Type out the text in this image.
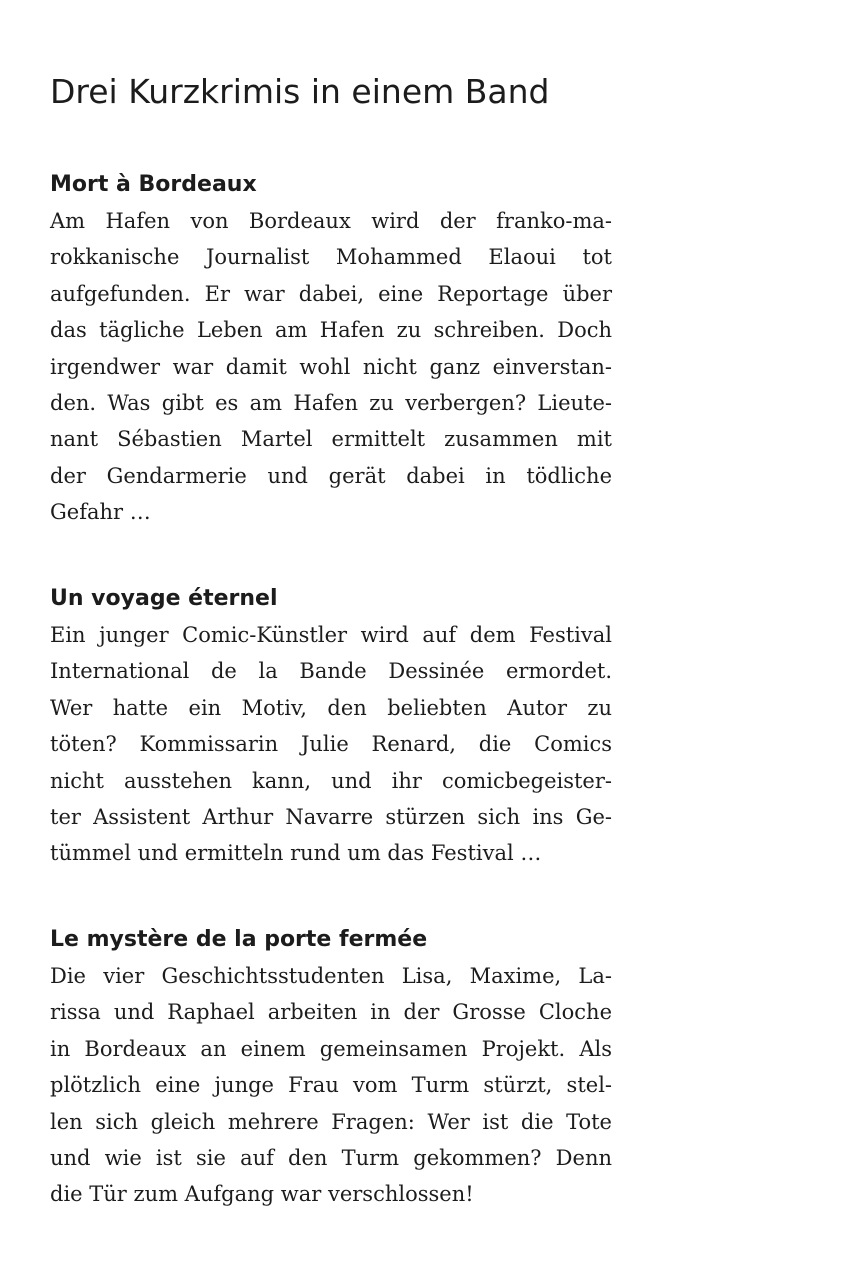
Drei Kurzkrimis in einem Band
Mort à Bordeaux
Am Hafen von Bordeaux wird der franko-ma-
rokkanische Journalist Mohammed Elaoui tot
aufgefunden. Er war dabei, eine Reportage über
das tägliche Leben am Hafen zu schreiben. Doch
irgendwer war damit wohl nicht ganz einverstan-
den. Was gibt es am Hafen zu verbergen? Lieute-
nant Sébastien Martel ermittelt zusammen mit
der Gendarmerie und gerät dabei in tödliche
Gefahr …
Un voyage éternel
Ein junger Comic-Künstler wird auf dem Festival
International de la Bande Dessinée ermordet.
Wer hatte ein Motiv, den beliebten Autor zu
töten? Kommissarin Julie Renard, die Comics
nicht ausstehen kann, und ihr comicbegeister-
ter Assistent Arthur Navarre stürzen sich ins Ge-
tümmel und ermitteln rund um das Festival …
Le mystère de la porte fermée
Die vier Geschichtsstudenten Lisa, Maxime, La-
rissa und Raphael arbeiten in der Grosse Cloche
in Bordeaux an einem gemeinsamen Projekt. Als
plötzlich eine junge Frau vom Turm stürzt, stel-
len sich gleich mehrere Fragen: Wer ist die Tote
und wie ist sie auf den Turm gekommen? Denn
die Tür zum Aufgang war verschlossen!
